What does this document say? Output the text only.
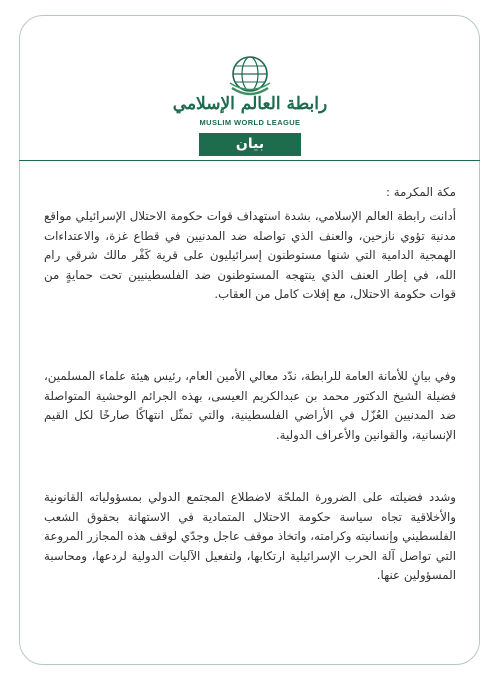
رابطة العالم الإسلامي
MUSLIM WORLD LEAGUE
بيان
مكة المكرمة :

أدانت رابطة العالم الإسلامي، بشدة استهداف قوات حكومة الاحتلال الإسرائيلي مواقع مدنية تؤوي نازحين، والعنف الذي تواصله ضد المدنيين في قطاع غزة، والاعتداءات الهمجية الدامية التي شنها مستوطنون إسرائيليون على قرية كَفْر مالك شرقي رام الله، في إطار العنف الذي ينتهجه المستوطنون ضد الفلسطينيين تحت حمايةٍ من قوات حكومة الاحتلال، مع إفلات كامل من العقاب.

وفي بيانٍ للأمانة العامة للرابطة، ندّد معالي الأمين العام، رئيس هيئة علماء المسلمين، فضيلة الشيخ الدكتور محمد بن عبدالكريم العيسى، بهذه الجرائم الوحشية المتواصلة ضد المدنيين العُزّل في الأراضي الفلسطينية، والتي تمثّل انتهاكًا صارخًا لكل القيم الإنسانية، والقوانين والأعراف الدولية.

وشدد فضيلته على الضرورة الملحّة لاضطلاع المجتمع الدولي بمسؤولياته القانونية والأخلاقية تجاه سياسة حكومة الاحتلال المتمادية في الاستهانة بحقوق الشعب الفلسطيني وإنسانيته وكرامته، واتخاذ موقف عاجل وجدّي لوقف هذه المجازر المروعة التي تواصل آلة الحرب الإسرائيلية ارتكابها، ولتفعيل الآليات الدولية لردعها، ومحاسبة المسؤولين عنها.
